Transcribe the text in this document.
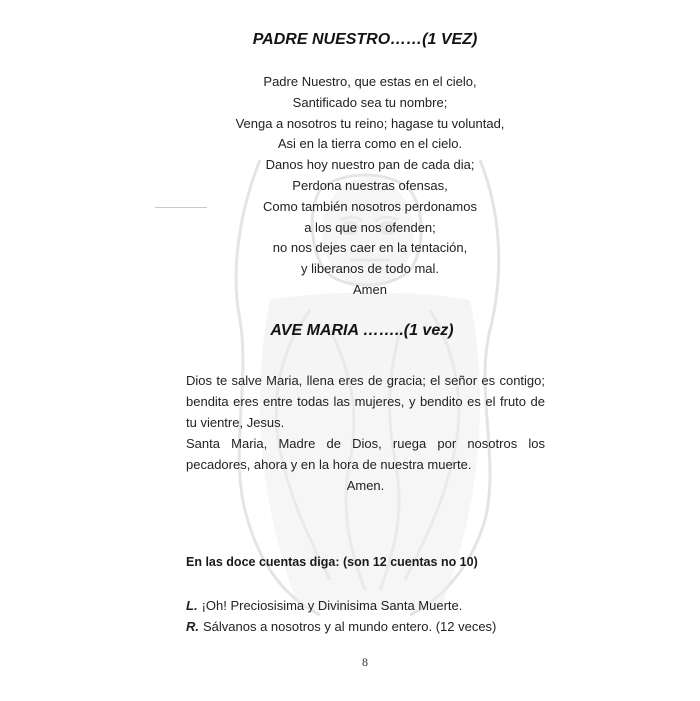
PADRE NUESTRO……(1 VEZ)
Padre Nuestro, que estas en el cielo,
Santificado sea tu nombre;
Venga a nosotros tu reino; hagase tu voluntad,
Asi en la tierra como en el cielo.
Danos hoy nuestro pan de cada dia;
Perdona nuestras ofensas,
Como también nosotros perdonamos
a los que nos ofenden;
no nos dejes caer en la tentación,
y liberanos de todo mal.
Amen
AVE MARIA ……..(1 vez)
Dios te salve Maria, llena eres de gracia; el señor es contigo; bendita eres entre todas las mujeres, y bendito es el fruto de tu vientre, Jesus.
Santa Maria, Madre de Dios, ruega por nosotros los pecadores, ahora y en la hora de nuestra muerte.
Amen.
En las doce cuentas diga: (son 12 cuentas no 10)
L. ¡Oh! Preciosisima y Divinisima Santa Muerte.
R. Sálvanos a nosotros y al mundo entero. (12 veces)
8
